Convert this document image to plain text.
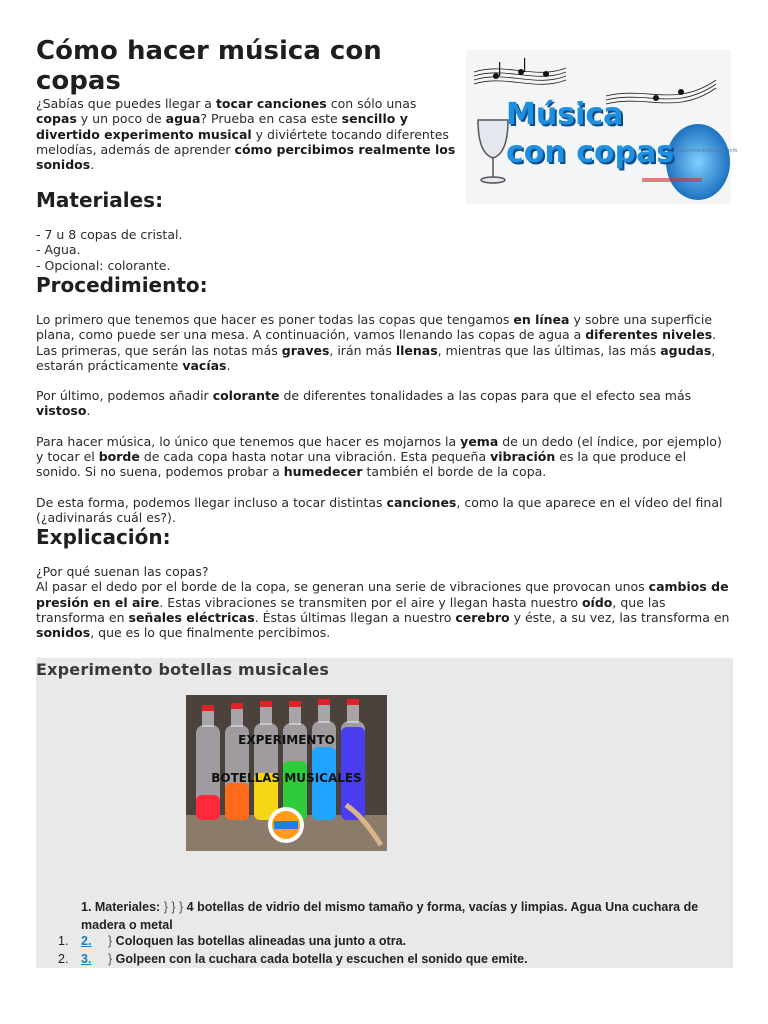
Cómo hacer música con copas
¿Sabías que puedes llegar a tocar canciones con sólo unas copas y un poco de agua? Prueba en casa este sencillo y divertido experimento musical y diviértete tocando diferentes melodías, además de aprender cómo percibimos realmente los sonidos.
Música
con copas experimentosfaciles.info
Materiales:
- 7 u 8 copas de cristal.
- Agua.
- Opcional: colorante.
Procedimiento:

Lo primero que tenemos que hacer es poner todas las copas que tengamos en línea y sobre una superficie plana, como puede ser una mesa. A continuación, vamos llenando las copas de agua a diferentes niveles. Las primeras, que serán las notas más graves, irán más llenas, mientras que las últimas, las más agudas, estarán prácticamente vacías.

Por último, podemos añadir colorante de diferentes tonalidades a las copas para que el efecto sea más vistoso.

Para hacer música, lo único que tenemos que hacer es mojarnos la yema de un dedo (el índice, por ejemplo) y tocar el borde de cada copa hasta notar una vibración. Esta pequeña vibración es la que produce el sonido. Si no suena, podemos probar a humedecer también el borde de la copa.

De esta forma, podemos llegar incluso a tocar distintas canciones, como la que aparece en el vídeo del final (¿adivinarás cuál es?).

Explicación:

¿Por qué suenan las copas?

Al pasar el dedo por el borde de la copa, se generan una serie de vibraciones que provocan unos cambios de presión en el aire. Estas vibraciones se transmiten por el aire y llegan hasta nuestro oído, que las transforma en señales eléctricas. Éstas últimas llegan a nuestro cerebro y éste, a su vez, las transforma en sonidos, que es lo que finalmente percibimos.

Experimento botellas musicales
EXPERIMENTO
BOTELLAS MUSICALES
1. Materiales: } } } 4 botellas de vidrio del mismo tamaño y forma, vacías y limpias. Agua Una cuchara de madera o metal
1.	2. } Coloquen las botellas alineadas una junto a otra.
2.	3. } Golpeen con la cuchara cada botella y escuchen el sonido que emite.
